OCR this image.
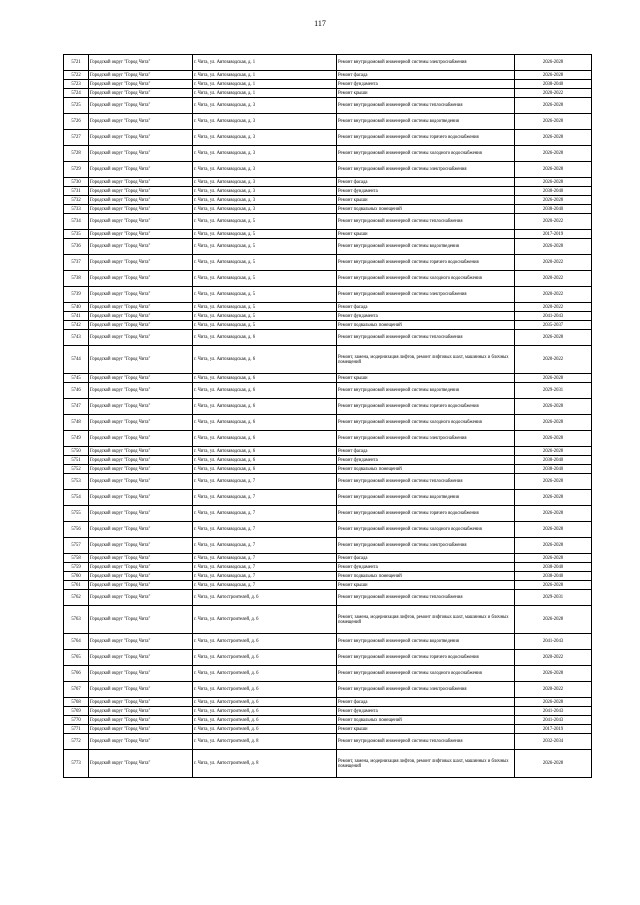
117
5721	Городской округ "Город Чита"	г. Чита, ул. Автозаводская, д. 1	Ремонт внутридомовой инженерной системы электроснабжения	2026-2028
5722	Городской округ "Город Чита"	г. Чита, ул. Автозаводская, д. 1	Ремонт фасада	2026-2028
5723	Городской округ "Город Чита"	г. Чита, ул. Автозаводская, д. 1	Ремонт фундамента	2038-2040
5724	Городской округ "Город Чита"	г. Чита, ул. Автозаводская, д. 1	Ремонт крыши	2020-2022
5725	Городской округ "Город Чита"	г. Чита, ул. Автозаводская, д. 3	Ремонт внутридомовой инженерной системы теплоснабжения	2026-2028
5726	Городской округ "Город Чита"	г. Чита, ул. Автозаводская, д. 3	Ремонт внутридомовой инженерной системы водоотведения	2026-2028
5727	Городской округ "Город Чита"	г. Чита, ул. Автозаводская, д. 3	Ремонт внутридомовой инженерной системы горячего водоснабжения	2026-2028
5728	Городской округ "Город Чита"	г. Чита, ул. Автозаводская, д. 3	Ремонт внутридомовой инженерной системы холодного водоснабжения	2026-2028
5729	Городской округ "Город Чита"	г. Чита, ул. Автозаводская, д. 3	Ремонт внутридомовой инженерной системы электроснабжения	2026-2028
5730	Городской округ "Город Чита"	г. Чита, ул. Автозаводская, д. 3	Ремонт фасада	2026-2028
5731	Городской округ "Город Чита"	г. Чита, ул. Автозаводская, д. 3	Ремонт фундамента	2038-2040
5732	Городской округ "Город Чита"	г. Чита, ул. Автозаводская, д. 3	Ремонт крыши	2026-2028
5733	Городской округ "Город Чита"	г. Чита, ул. Автозаводская, д. 3	Ремонт подвальных помещений	2038-2040
5734	Городской округ "Город Чита"	г. Чита, ул. Автозаводская, д. 5	Ремонт внутридомовой инженерной системы теплоснабжения	2020-2022
5735	Городской округ "Город Чита"	г. Чита, ул. Автозаводская, д. 5	Ремонт крыши	2017-2019
5736	Городской округ "Город Чита"	г. Чита, ул. Автозаводская, д. 5	Ремонт внутридомовой инженерной системы водоотведения	2026-2028
5737	Городской округ "Город Чита"	г. Чита, ул. Автозаводская, д. 5	Ремонт внутридомовой инженерной системы горячего водоснабжения	2020-2022
5738	Городской округ "Город Чита"	г. Чита, ул. Автозаводская, д. 5	Ремонт внутридомовой инженерной системы холодного водоснабжения	2020-2022
5739	Городской округ "Город Чита"	г. Чита, ул. Автозаводская, д. 5	Ремонт внутридомовой инженерной системы электроснабжения	2020-2022
5740	Городской округ "Город Чита"	г. Чита, ул. Автозаводская, д. 5	Ремонт фасада	2020-2022
5741	Городской округ "Город Чита"	г. Чита, ул. Автозаводская, д. 5	Ремонт фундамента	2041-2043
5742	Городской округ "Город Чита"	г. Чита, ул. Автозаводская, д. 5	Ремонт подвальных помещений	2035-2037
5743	Городской округ "Город Чита"	г. Чита, ул. Автозаводская, д. 6	Ремонт внутридомовой инженерной системы теплоснабжения	2026-2028
5744	Городской округ "Город Чита"	г. Чита, ул. Автозаводская, д. 6	Ремонт, замена, модернизация лифтов, ремонт лифтовых шахт, машинных и блочных помещений	2020-2022
5745	Городской округ "Город Чита"	г. Чита, ул. Автозаводская, д. 6	Ремонт крыши	2026-2028
5746	Городской округ "Город Чита"	г. Чита, ул. Автозаводская, д. 6	Ремонт внутридомовой инженерной системы водоотведения	2029-2031
5747	Городской округ "Город Чита"	г. Чита, ул. Автозаводская, д. 6	Ремонт внутридомовой инженерной системы горячего водоснабжения	2026-2028
5748	Городской округ "Город Чита"	г. Чита, ул. Автозаводская, д. 6	Ремонт внутридомовой инженерной системы холодного водоснабжения	2026-2028
5749	Городской округ "Город Чита"	г. Чита, ул. Автозаводская, д. 6	Ремонт внутридомовой инженерной системы электроснабжения	2026-2028
5750	Городской округ "Город Чита"	г. Чита, ул. Автозаводская, д. 6	Ремонт фасада	2026-2028
5751	Городской округ "Город Чита"	г. Чита, ул. Автозаводская, д. 6	Ремонт фундамента	2038-2040
5752	Городской округ "Город Чита"	г. Чита, ул. Автозаводская, д. 6	Ремонт подвальных помещений	2038-2040
5753	Городской округ "Город Чита"	г. Чита, ул. Автозаводская, д. 7	Ремонт внутридомовой инженерной системы теплоснабжения	2026-2028
5754	Городской округ "Город Чита"	г. Чита, ул. Автозаводская, д. 7	Ремонт внутридомовой инженерной системы водоотведения	2026-2028
5755	Городской округ "Город Чита"	г. Чита, ул. Автозаводская, д. 7	Ремонт внутридомовой инженерной системы горячего водоснабжения	2026-2028
5756	Городской округ "Город Чита"	г. Чита, ул. Автозаводская, д. 7	Ремонт внутридомовой инженерной системы холодного водоснабжения	2026-2028
5757	Городской округ "Город Чита"	г. Чита, ул. Автозаводская, д. 7	Ремонт внутридомовой инженерной системы электроснабжения	2026-2028
5758	Городской округ "Город Чита"	г. Чита, ул. Автозаводская, д. 7	Ремонт фасада	2026-2028
5759	Городской округ "Город Чита"	г. Чита, ул. Автозаводская, д. 7	Ремонт фундамента	2038-2040
5760	Городской округ "Город Чита"	г. Чита, ул. Автозаводская, д. 7	Ремонт подвальных помещений	2038-2040
5761	Городской округ "Город Чита"	г. Чита, ул. Автозаводская, д. 7	Ремонт крыши	2026-2028
5762	Городской округ "Город Чита"	г. Чита, ул. Автостроителей, д. 6	Ремонт внутридомовой инженерной системы теплоснабжения	2029-2031
5763	Городской округ "Город Чита"	г. Чита, ул. Автостроителей, д. 6	Ремонт, замена, модернизация лифтов, ремонт лифтовых шахт, машинных и блочных помещений	2026-2028
5764	Городской округ "Город Чита"	г. Чита, ул. Автостроителей, д. 6	Ремонт внутридомовой инженерной системы водоотведения	2041-2043
5765	Городской округ "Город Чита"	г. Чита, ул. Автостроителей, д. 6	Ремонт внутридомовой инженерной системы горячего водоснабжения	2020-2022
5766	Городской округ "Город Чита"	г. Чита, ул. Автостроителей, д. 6	Ремонт внутридомовой инженерной системы холодного водоснабжения	2026-2028
5767	Городской округ "Город Чита"	г. Чита, ул. Автостроителей, д. 6	Ремонт внутридомовой инженерной системы электроснабжения	2020-2022
5768	Городской округ "Город Чита"	г. Чита, ул. Автостроителей, д. 6	Ремонт фасада	2026-2028
5769	Городской округ "Город Чита"	г. Чита, ул. Автостроителей, д. 6	Ремонт фундамента	2041-2043
5770	Городской округ "Город Чита"	г. Чита, ул. Автостроителей, д. 6	Ремонт подвальных помещений	2041-2043
5771	Городской округ "Город Чита"	г. Чита, ул. Автостроителей, д. 6	Ремонт крыши	2017-2019
5772	Городской округ "Город Чита"	г. Чита, ул. Автостроителей, д. 8	Ремонт внутридомовой инженерной системы теплоснабжения	2032-2034
5773	Городской округ "Город Чита"	г. Чита, ул. Автостроителей, д. 8	Ремонт, замена, модернизация лифтов, ремонт лифтовых шахт, машинных и блочных помещений	2026-2028
